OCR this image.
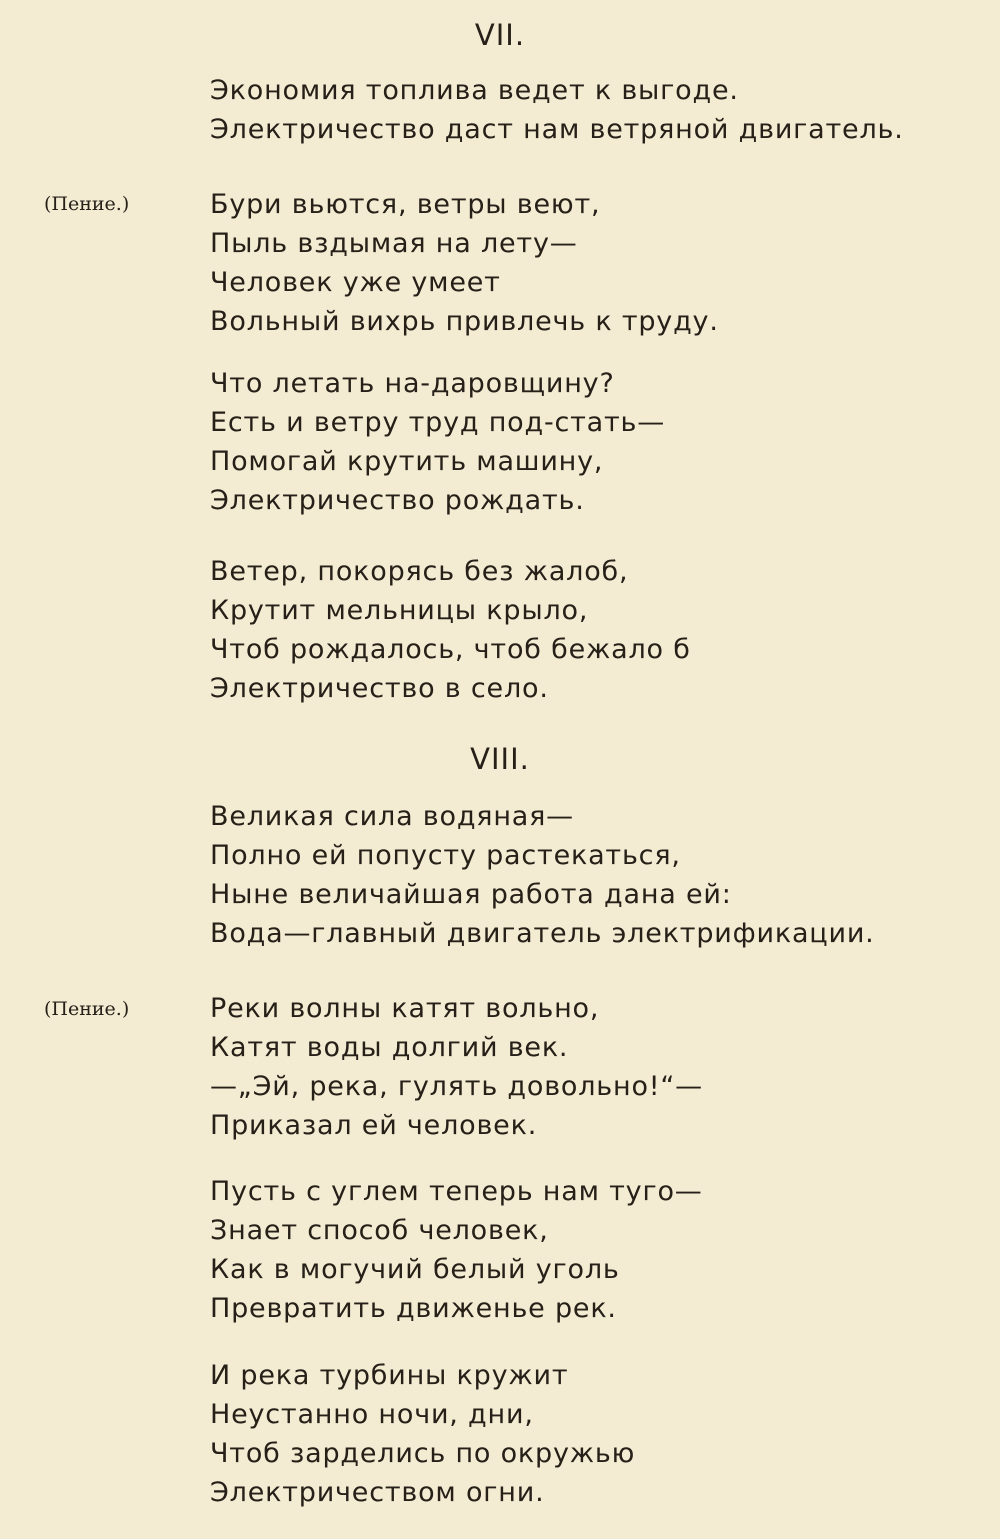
VII.
Экономия топлива ведет к выгоде.
Электричество даст нам ветряной двигатель.
(Пение.)	Бури вьются, ветры веют,
Пыль вздымая на лету—
Человек уже умеет
Вольный вихрь привлечь к труду.
Что летать на-даровщину?
Есть и ветру труд под-стать—
Помогай крутить машину,
Электричество рождать.
Ветер, покорясь без жалоб,
Крутит мельницы крыло,
Чтоб рождалось, чтоб бежало б
Электричество в село.
VIII.
Великая сила водяная—
Полно ей попусту растекаться,
Ныне величайшая работа дана ей:
Вода—главный двигатель электрификации.
(Пение.)	Реки волны катят вольно,
Катят воды долгий век.
—„Эй, река, гулять довольно!“—
Приказал ей человек.
Пусть с углем теперь нам туго—
Знает способ человек,
Как в могучий белый уголь
Превратить движенье рек.
И река турбины кружит
Неустанно ночи, дни,
Чтоб зарделись по окружью
Электричеством огни.
